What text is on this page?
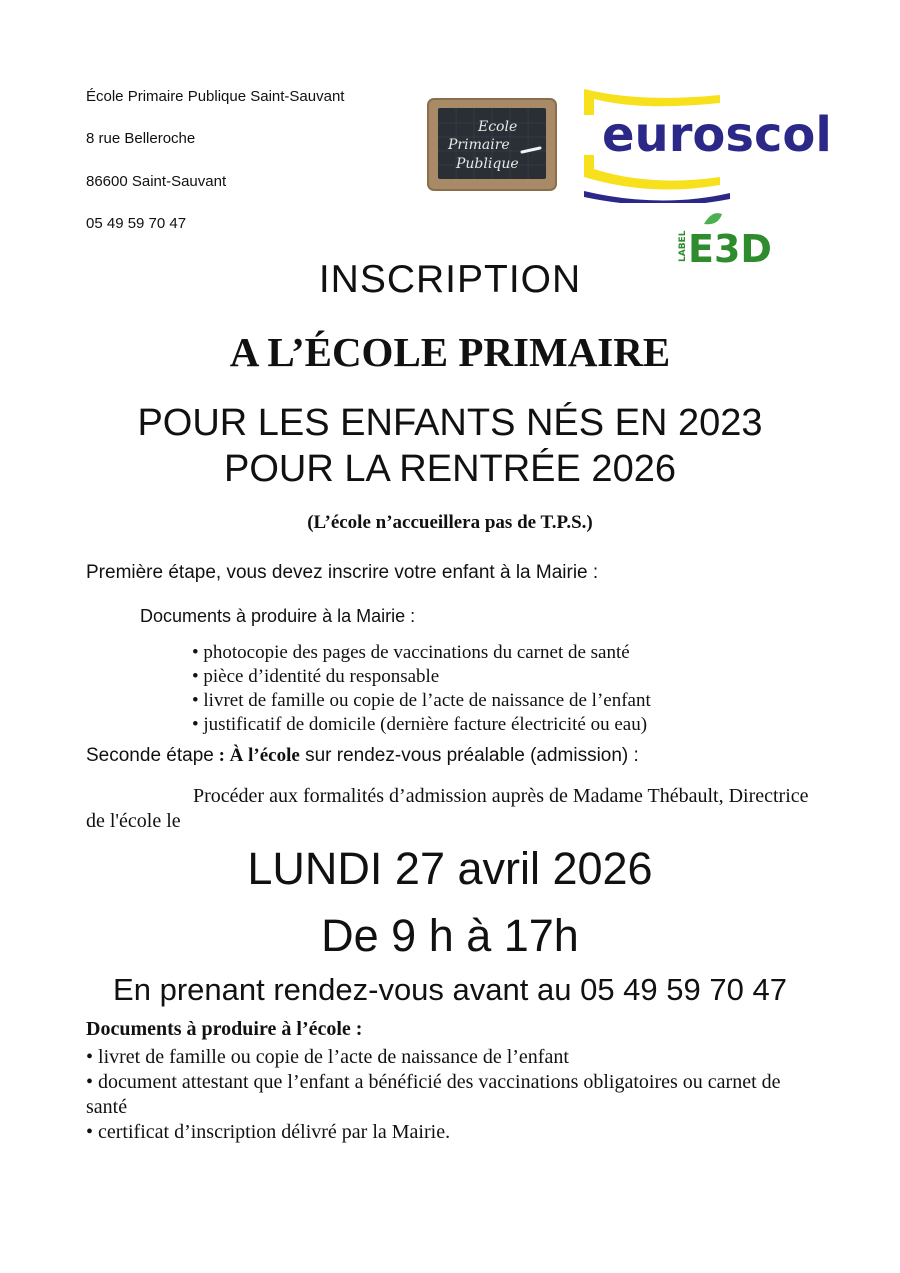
École Primaire Publique Saint-Sauvant
8 rue Belleroche
86600 Saint-Sauvant
05 49 59 70 47
Ecole
Primaire
Publique
euroscol
LABEL E3D
INSCRIPTION
A L’ÉCOLE PRIMAIRE
POUR LES ENFANTS NÉS EN 2023
POUR LA RENTRÉE 2026
(L’école n’accueillera pas de T.P.S.)
Première étape, vous devez inscrire votre enfant à la Mairie :
Documents à produire à la Mairie :
• photocopie des pages de vaccinations du carnet de santé
• pièce d’identité du responsable
• livret de famille ou copie de l’acte de naissance de l’enfant
• justificatif de domicile (dernière facture électricité ou eau)
Seconde étape : À l’école sur rendez-vous préalable (admission) :
Procéder aux formalités d’admission auprès de Madame Thébault, Directrice de l'école le
LUNDI 27 avril 2026
De 9 h à 17h
En prenant rendez-vous avant au 05 49 59 70 47
Documents à produire à l’école :
• livret de famille ou copie de l’acte de naissance de l’enfant
• document attestant que l’enfant a bénéficié des vaccinations obligatoires ou carnet de santé
• certificat d’inscription délivré par la Mairie.
